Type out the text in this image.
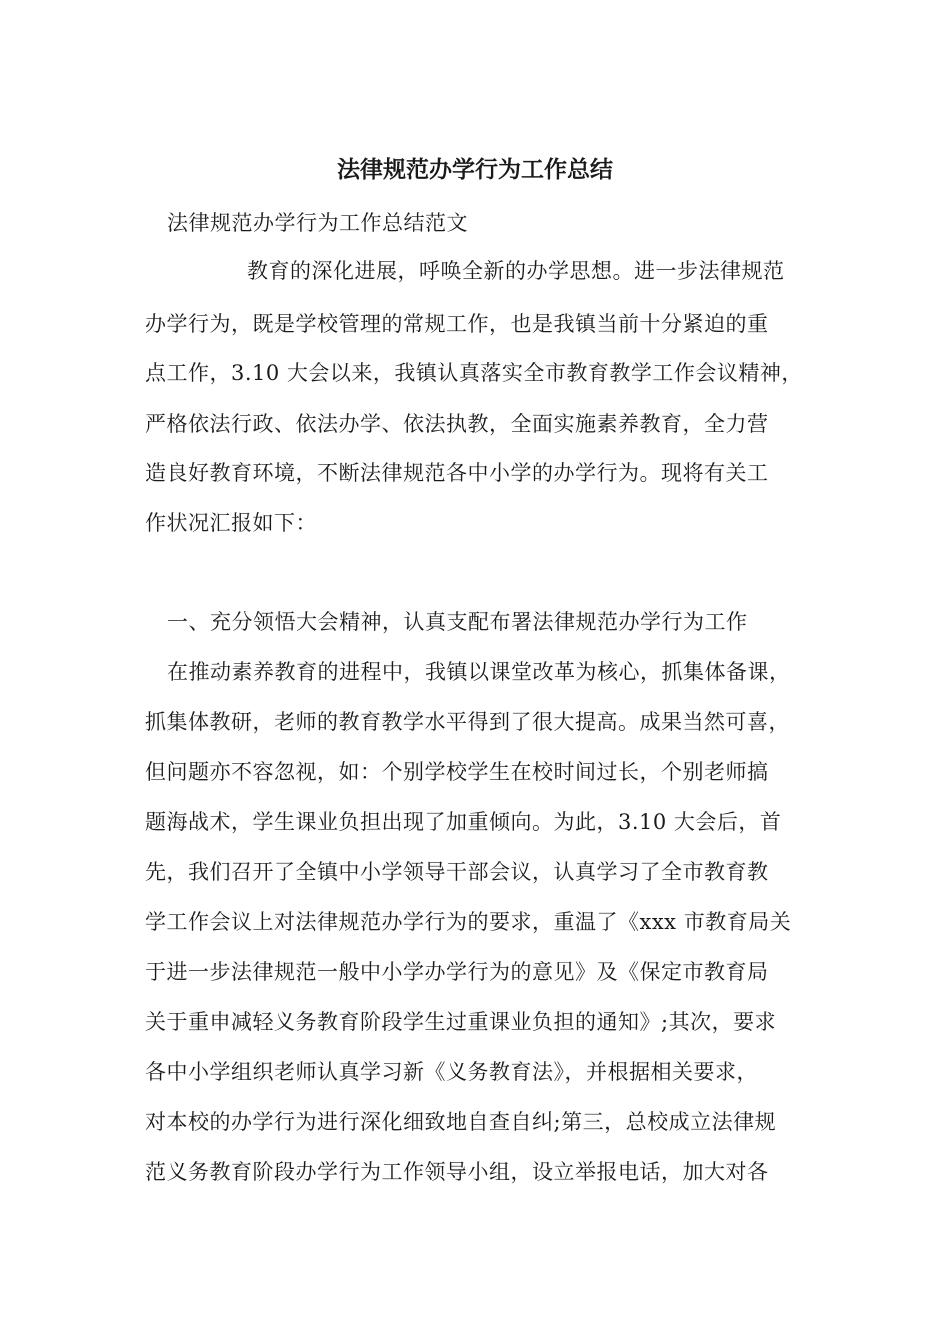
法律规范办学行为工作总结
法律规范办学行为工作总结范文
教育的深化进展，呼唤全新的办学思想。进一步法律规范
办学行为，既是学校管理的常规工作，也是我镇当前十分紧迫的重
点工作，3.10 大会以来，我镇认真落实全市教育教学工作会议精神，
严格依法行政、依法办学、依法执教，全面实施素养教育，全力营
造良好教育环境，不断法律规范各中小学的办学行为。现将有关工
作状况汇报如下：
一、充分领悟大会精神，认真支配布署法律规范办学行为工作
在推动素养教育的进程中，我镇以课堂改革为核心，抓集体备课，
抓集体教研，老师的教育教学水平得到了很大提高。成果当然可喜，
但问题亦不容忽视，如：个别学校学生在校时间过长，个别老师搞
题海战术，学生课业负担出现了加重倾向。为此，3.10 大会后，首
先，我们召开了全镇中小学领导干部会议，认真学习了全市教育教
学工作会议上对法律规范办学行为的要求，重温了《xxx 市教育局关
于进一步法律规范一般中小学办学行为的意见》及《保定市教育局
关于重申减轻义务教育阶段学生过重课业负担的通知》;其次，要求
各中小学组织老师认真学习新《义务教育法》，并根据相关要求，
对本校的办学行为进行深化细致地自查自纠;第三，总校成立法律规
范义务教育阶段办学行为工作领导小组，设立举报电话，加大对各
